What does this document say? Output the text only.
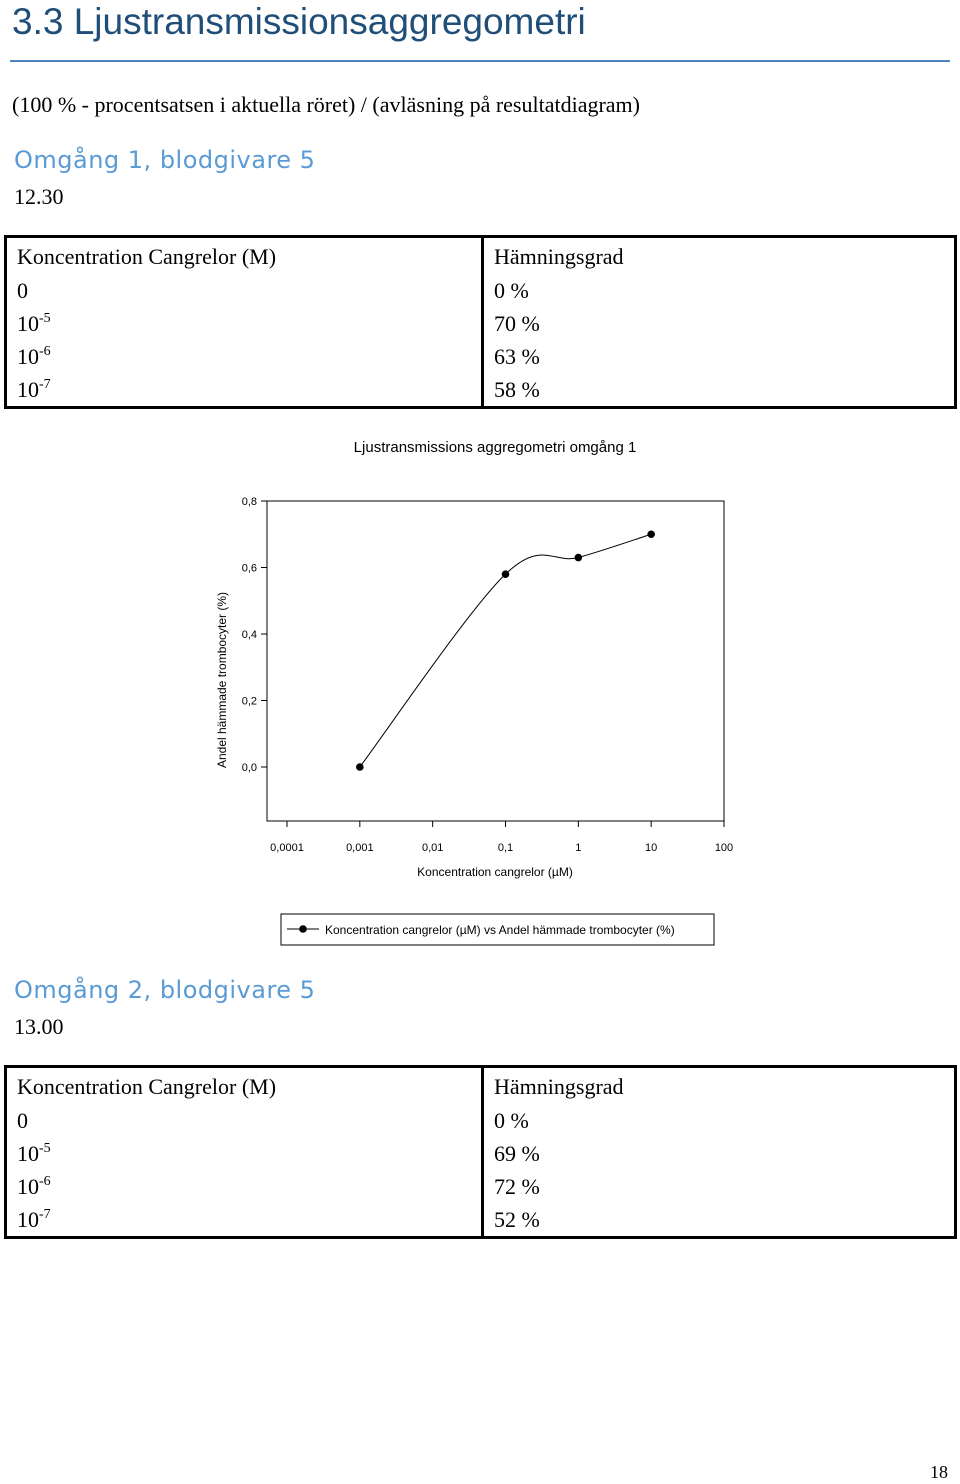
3.3 Ljustransmissionsaggregometri
(100 % - procentsatsen i aktuella röret) / (avläsning på resultatdiagram)
Omgång 1, blodgivare 5
12.30
Koncentration Cangrelor (M)	Hämningsgrad
0	0 %
$10^{-5}$	70 %
$10^{-6}$	63 %
$10^{-7}$	58 %
Ljustransmissions aggregometri omgång 1
0,0
0,2
0,4
0,6
0,8
0,0001	0,001	0,01	0,1	1	10	100
Andel hämmade trombocyter (%)
Koncentration cangrelor (µM)
Koncentration cangrelor (µM) vs Andel hämmade trombocyter (%)
Omgång 2, blodgivare 5
13.00
Koncentration Cangrelor (M)	Hämningsgrad
0	0 %
$10^{-5}$	69 %
$10^{-6}$	72 %
$10^{-7}$	52 %
18
